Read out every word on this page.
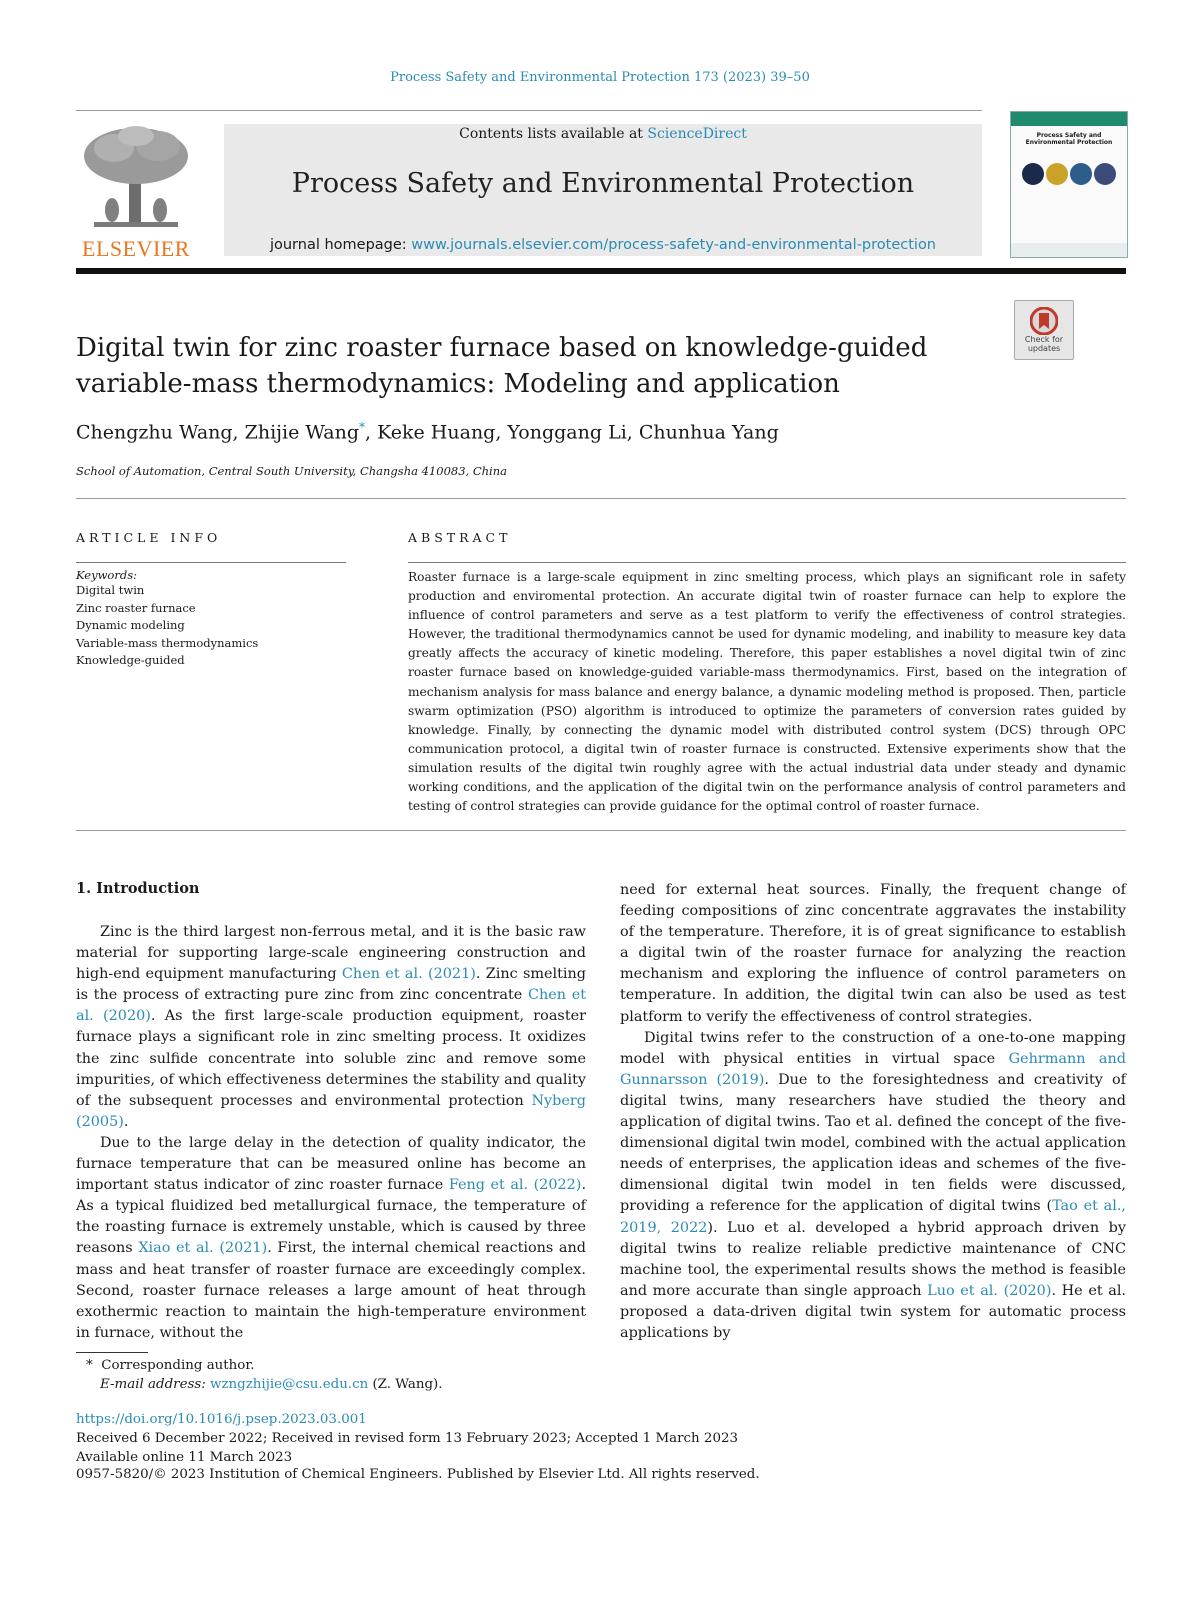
Process Safety and Environmental Protection 173 (2023) 39–50
ELSEVIER
Contents lists available at ScienceDirect
Process Safety and Environmental Protection
journal homepage: www.journals.elsevier.com/process-safety-and-environmental-protection
Process Safety and Environmental Protection
Check for updates
Digital twin for zinc roaster furnace based on knowledge-guided
variable-mass thermodynamics: Modeling and application
Chengzhu Wang, Zhijie Wang*, Keke Huang, Yonggang Li, Chunhua Yang
School of Automation, Central South University, Changsha 410083, China
ARTICLE INFO
Keywords:
Digital twin
Zinc roaster furnace
Dynamic modeling
Variable-mass thermodynamics
Knowledge-guided
ABSTRACT
Roaster furnace is a large-scale equipment in zinc smelting process, which plays an significant role in safety production and enviromental protection. An accurate digital twin of roaster furnace can help to explore the influence of control parameters and serve as a test platform to verify the effectiveness of control strategies. However, the traditional thermodynamics cannot be used for dynamic modeling, and inability to measure key data greatly affects the accuracy of kinetic modeling. Therefore, this paper establishes a novel digital twin of zinc roaster furnace based on knowledge-guided variable-mass thermodynamics. First, based on the integration of mechanism analysis for mass balance and energy balance, a dynamic modeling method is proposed. Then, particle swarm optimization (PSO) algorithm is introduced to optimize the parameters of conversion rates guided by knowledge. Finally, by connecting the dynamic model with distributed control system (DCS) through OPC communication protocol, a digital twin of roaster furnace is constructed. Extensive experiments show that the simulation results of the digital twin roughly agree with the actual industrial data under steady and dynamic working conditions, and the application of the digital twin on the performance analysis of control parameters and testing of control strategies can provide guidance for the optimal control of roaster furnace.
1. Introduction

Zinc is the third largest non-ferrous metal, and it is the basic raw material for supporting large-scale engineering construction and high-end equipment manufacturing Chen et al. (2021). Zinc smelting is the process of extracting pure zinc from zinc concentrate Chen et al. (2020). As the first large-scale production equipment, roaster furnace plays a significant role in zinc smelting process. It oxidizes the zinc sulfide concentrate into soluble zinc and remove some impurities, of which effectiveness determines the stability and quality of the subsequent processes and environmental protection Nyberg (2005).

Due to the large delay in the detection of quality indicator, the furnace temperature that can be measured online has become an important status indicator of zinc roaster furnace Feng et al. (2022). As a typical fluidized bed metallurgical furnace, the temperature of the roasting furnace is extremely unstable, which is caused by three reasons Xiao et al. (2021). First, the internal chemical reactions and mass and heat transfer of roaster furnace are exceedingly complex. Second, roaster furnace releases a large amount of heat through exothermic reaction to maintain the high-temperature environment in furnace, without the

need for external heat sources. Finally, the frequent change of feeding compositions of zinc concentrate aggravates the instability of the temperature. Therefore, it is of great significance to establish a digital twin of the roaster furnace for analyzing the reaction mechanism and exploring the influence of control parameters on temperature. In addition, the digital twin can also be used as test platform to verify the effectiveness of control strategies.

Digital twins refer to the construction of a one-to-one mapping model with physical entities in virtual space Gehrmann and Gunnarsson (2019). Due to the foresightedness and creativity of digital twins, many researchers have studied the theory and application of digital twins. Tao et al. defined the concept of the five-dimensional digital twin model, combined with the actual application needs of enterprises, the application ideas and schemes of the five-dimensional digital twin model in ten fields were discussed, providing a reference for the application of digital twins (Tao et al., 2019, 2022). Luo et al. developed a hybrid approach driven by digital twins to realize reliable predictive maintenance of CNC machine tool, the experimental results shows the method is feasible and more accurate than single approach Luo et al. (2020). He et al. proposed a data-driven digital twin system for automatic process applications by

* Corresponding author.
E-mail address: wzngzhijie@csu.edu.cn (Z. Wang).
https://doi.org/10.1016/j.psep.2023.03.001
Received 6 December 2022; Received in revised form 13 February 2023; Accepted 1 March 2023
Available online 11 March 2023
0957-5820/© 2023 Institution of Chemical Engineers. Published by Elsevier Ltd. All rights reserved.
